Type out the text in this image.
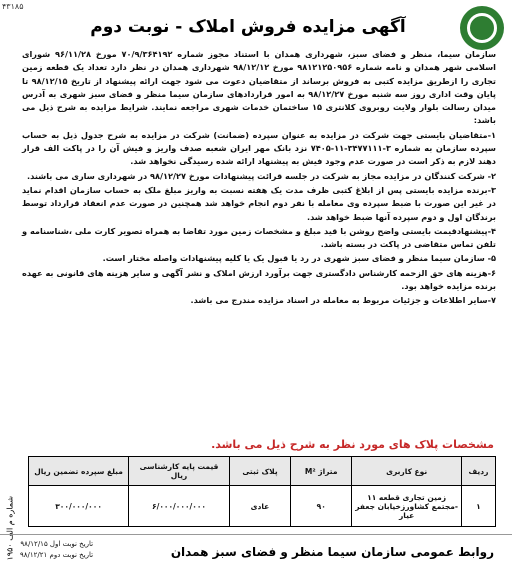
۴۳۱۸۵
آگهی مزایده فروش املاک - نوبت دوم

سازمان سیما، منظر و فضای سبز، شهرداری همدان با استناد مجوز شماره ۷۰/۹/۳۶۴۱۹۲ مورخ ۹۶/۱۱/۲۸ شورای اسلامی شهر همدان و نامه شماره ۹۸۱۲۱۲۵۰۹۵۶ مورخ ۹۸/۱۲/۱۲ شهرداری همدان در نظر دارد تعداد یک قطعه زمین تجاری را ازطریق مزایده کتبی به فروش برساند از متقاضیان دعوت می شود جهت ارائه پیشنهاد از تاریخ ۹۸/۱۲/۱۵ تا پایان وقت اداری روز سه شنبه مورخ ۹۸/۱۲/۲۷ به امور قراردادهای سازمان سیما منظر و فضای سبز شهری به آدرس میدان رسالت بلوار ولایت روبروی کلانتری ۱۵ ساختمان خدمات شهری مراجعه نمایند. شرایط مزایده به شرح ذیل می باشد:

۱-متقاضیان بایستی جهت شرکت در مزایده به عنوان سپرده (ضمانت) شرکت در مزایده به شرح جدول ذیل به حساب سپرده سازمان به شماره ۳-۳۴۷۷۱۱۱-۱۱-۷۴۰۵ نزد بانک مهر ایران شعبه صدف واریز و فیش آن را در پاکت الف قرار دهند لازم به ذکر است در صورت عدم وجود فیش به پیشنهاد ارائه شده رسیدگی نخواهد شد.

۲- شرکت کنندگان در مزایده مجاز به شرکت در جلسه قرائت پیشنهادات مورخ ۹۸/۱۲/۲۷ در شهرداری ساری می باشند.

۳-برنده مزایده بایستی پس از ابلاغ کتبی ظرف مدت یک هفته نسبت به واریز مبلغ ملک به حساب سازمان اقدام نماید در غیر این صورت با ضبط سپرده وی معامله با نفر دوم انجام خواهد شد همچنین در صورت عدم انعقاد قرارداد توسط برندگان اول و دوم سپرده آنها ضبط خواهد شد.

۴-پیشنهادقیمت بایستی واضح روشن با قید مبلغ و مشخصات زمین مورد تقاضا به همراه تصویر کارت ملی ،شناسنامه و تلفن تماس متقاضی در پاکت در بسته باشد.

۵- سازمان سیما منظر و فضای سبز شهری در رد یا قبول یک یا کلیه پیشنهادات واصله مختار است.

۶-هزینه های حق الزحمه کارشناس دادگستری جهت برآورد ارزش املاک و نشر آگهی و سایر هزینه های قانونی به عهده برنده مزایده خواهد بود.

۷-سایر اطلاعات و جزئیات مربوط به معامله در اسناد مزایده مندرج می باشد.

مشخصات پلاک های مورد نظر به شرح ذیل می باشد.
ردیف	نوع کاربری	متراژ M²	پلاک ثبتی	قیمت پایه کارشناسی ریال	مبلغ سپرده تضمین ریال
۱	زمین تجاری قطعه ۱۱ -مجتمع کشاورزخیابان جعفر عیار	۹۰	عادی	۶/۰۰۰/۰۰۰/۰۰۰	۳۰۰/۰۰۰/۰۰۰
شماره م الف ۱۹۵۰
روابط عمومی سازمان سیما منظر و فضای سبز همدان
تاریخ نوبت اول ۹۸/۱۲/۱۵
تاریخ نوبت دوم ۹۸/۱۲/۲۱
